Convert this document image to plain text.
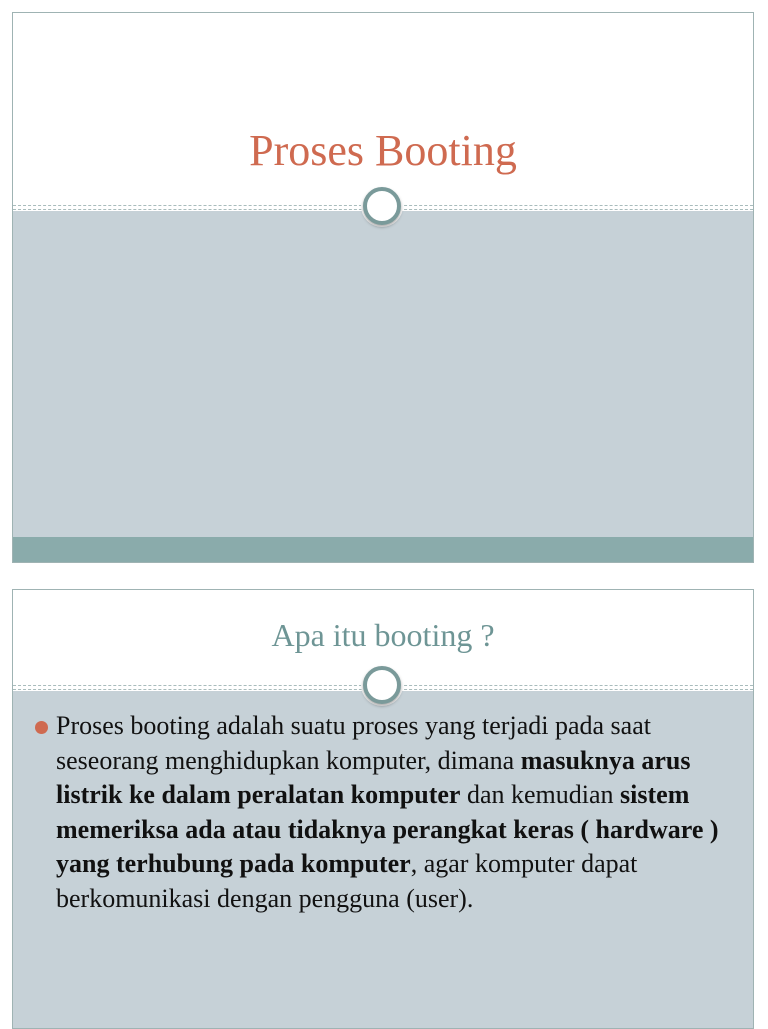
Proses Booting
Apa itu booting ?
Proses booting adalah suatu proses yang terjadi pada saat seseorang menghidupkan komputer, dimana masuknya arus listrik ke dalam peralatan komputer dan kemudian sistem memeriksa ada atau tidaknya perangkat keras ( hardware ) yang terhubung pada komputer, agar komputer dapat berkomunikasi dengan pengguna (user).
